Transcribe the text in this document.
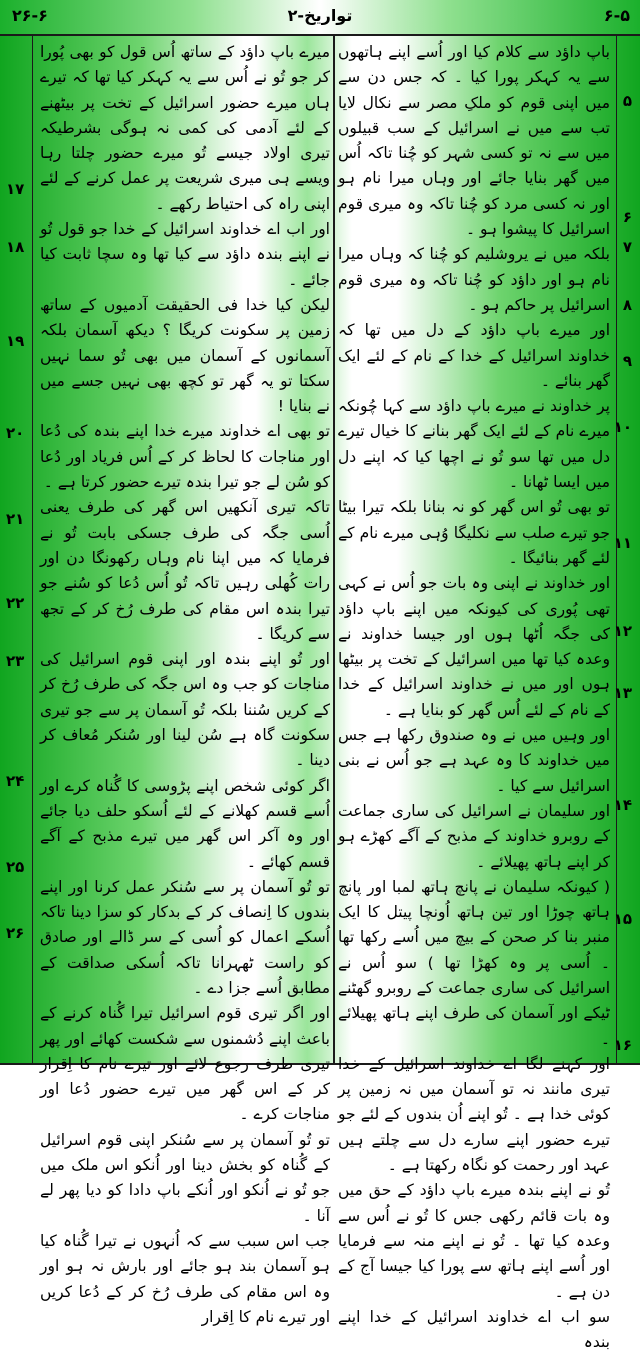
۲۶-۶	۲-تواریخ	۶-۵
۵
۶
۷
۸
۹
۱۰
۱۱
۱۲
۱۳
۱۴
۱۵
۱۶
۱۷
۱۸
۱۹
۲۰
۲۱
۲۲
۲۳
۲۴
۲۵
۲۶

باپ داؤد سے کلام کیا اور اُسے اپنے ہاتھوں سے یہ کہکر پورا کیا ۔ کہ جس دن سے میں اپنی قوم کو ملکِ مصر سے نکال لایا تب سے میں نے اسرائیل کے سب قبیلوں میں سے نہ تو کسی شہر کو چُنا تاکہ اُس میں گھر بنایا جائے اور وہاں میرا نام ہو اور نہ کسی مرد کو چُنا تاکہ وہ میری قوم اسرائیل کا پیشوا ہو ۔

بلکہ میں نے یروشلیم کو چُنا کہ وہاں میرا نام ہو اور داؤد کو چُنا تاکہ وہ میری قوم اسرائیل پر حاکم ہو ۔

اور میرے باپ داؤد کے دل میں تھا کہ خداوند اسرائیل کے خدا کے نام کے لئے ایک گھر بنائے ۔

پر خداوند نے میرے باپ داؤد سے کہا چُونکہ میرے نام کے لئے ایک گھر بنانے کا خیال تیرے دل میں تھا سو تُو نے اچھا کیا کہ اپنے دل میں ایسا ٹھانا ۔

تو بھی تُو اس گھر کو نہ بنانا بلکہ تیرا بیٹا جو تیرے صلب سے نکلیگا وُہی میرے نام کے لئے گھر بنائیگا ۔

اور خداوند نے اپنی وہ بات جو اُس نے کہی تھی پُوری کی کیونکہ میں اپنے باپ داؤد کی جگہ اُٹھا ہوں اور جیسا خداوند نے وعدہ کیا تھا میں اسرائیل کے تخت پر بیٹھا ہوں اور میں نے خداوند اسرائیل کے خدا کے نام کے لئے اُس گھر کو بنایا ہے ۔

اور وہیں میں نے وہ صندوق رکھا ہے جس میں خداوند کا وہ عہد ہے جو اُس نے بنی اسرائیل سے کیا ۔

اور سلیمان نے اسرائیل کی ساری جماعت کے روبرو خداوند کے مذبح کے آگے کھڑے ہو کر اپنے ہاتھ پھیلائے ۔

( کیونکہ سلیمان نے پانچ ہاتھ لمبا اور پانچ ہاتھ چوڑا اور تین ہاتھ اُونچا پیتل کا ایک منبر بنا کر صحن کے بیچ میں اُسے رکھا تھا ۔ اُسی پر وہ کھڑا تھا ) سو اُس نے اسرائیل کی ساری جماعت کے روبرو گھٹنے ٹیکے اور آسمان کی طرف اپنے ہاتھ پھیلائے ۔

اور کہنے لگا اے خداوند اسرائیل کے خدا تیری مانند نہ تو آسمان میں نہ زمین پر کوئی خدا ہے ۔ تُو اپنے اُن بندوں کے لئے جو تیرے حضور اپنے سارے دل سے چلتے ہیں عہد اور رحمت کو نگاہ رکھتا ہے ۔

تُو نے اپنے بندہ میرے باپ داؤد کے حق میں وہ بات قائم رکھی جس کا تُو نے اُس سے وعدہ کیا تھا ۔ تُو نے اپنے منہ سے فرمایا اور اُسے اپنے ہاتھ سے پورا کیا جیسا آج کے دن ہے ۔

سو اب اے خداوند اسرائیل کے خدا اپنے بندہ

میرے باپ داؤد کے ساتھ اُس قول کو بھی پُورا کر جو تُو نے اُس سے یہ کہکر کیا تھا کہ تیرے ہاں میرے حضور اسرائیل کے تخت پر بیٹھنے کے لئے آدمی کی کمی نہ ہوگی بشرطیکہ تیری اولاد جیسے تُو میرے حضور چلتا رہا ویسے ہی میری شریعت پر عمل کرنے کے لئے اپنی راہ کی احتیاط رکھے ۔

اور اب اے خداوند اسرائیل کے خدا جو قول تُو نے اپنے بندہ داؤد سے کیا تھا وہ سچا ثابت کیا جائے ۔

لیکن کیا خدا فی الحقیقت آدمیوں کے ساتھ زمین پر سکونت کریگا ؟ دیکھ آسمان بلکہ آسمانوں کے آسمان میں بھی تُو سما نہیں سکتا تو یہ گھر تو کچھ بھی نہیں جسے میں نے بنایا !

تو بھی اے خداوند میرے خدا اپنے بندہ کی دُعا اور مناجات کا لحاظ کر کے اُس فریاد اور دُعا کو سُن لے جو تیرا بندہ تیرے حضور کرتا ہے ۔

تاکہ تیری آنکھیں اس گھر کی طرف یعنی اُسی جگہ کی طرف جسکی بابت تُو نے فرمایا کہ میں اپنا نام وہاں رکھونگا دن اور رات کُھلی رہیں تاکہ تُو اُس دُعا کو سُنے جو تیرا بندہ اس مقام کی طرف رُخ کر کے تجھ سے کریگا ۔

اور تُو اپنے بندہ اور اپنی قوم اسرائیل کی مناجات کو جب وہ اس جگہ کی طرف رُخ کر کے کریں سُننا بلکہ تُو آسمان پر سے جو تیری سکونت گاہ ہے سُن لینا اور سُنکر مُعاف کر دینا ۔

اگر کوئی شخص اپنے پڑوسی کا گُناہ کرے اور اُسے قسم کھلانے کے لئے اُسکو حلف دیا جائے اور وہ آکر اس گھر میں تیرے مذبح کے آگے قسم کھائے ۔

تو تُو آسمان پر سے سُنکر عمل کرنا اور اپنے بندوں کا اِنصاف کر کے بدکار کو سزا دینا تاکہ اُسکے اعمال کو اُسی کے سر ڈالے اور صادق کو راست ٹھہرانا تاکہ اُسکی صداقت کے مطابق اُسے جزا دے ۔

اور اگر تیری قوم اسرائیل تیرا گُناہ کرنے کے باعث اپنے دُشمنوں سے شکست کھائے اور پھر تیری طرف رجوع لائے اور تیرے نام کا اِقرار کر کے اس گھر میں تیرے حضور دُعا اور مناجات کرے ۔

تو تُو آسمان پر سے سُنکر اپنی قوم اسرائیل کے گُناہ کو بخش دینا اور اُنکو اس ملک میں جو تُو نے اُنکو اور اُنکے باپ دادا کو دیا پھر لے آنا ۔

جب اس سبب سے کہ اُنہوں نے تیرا گُناہ کیا ہو آسمان بند ہو جائے اور بارش نہ ہو اور وہ اس مقام کی طرف رُخ کر کے دُعا کریں اور تیرے نام کا اِقرار
